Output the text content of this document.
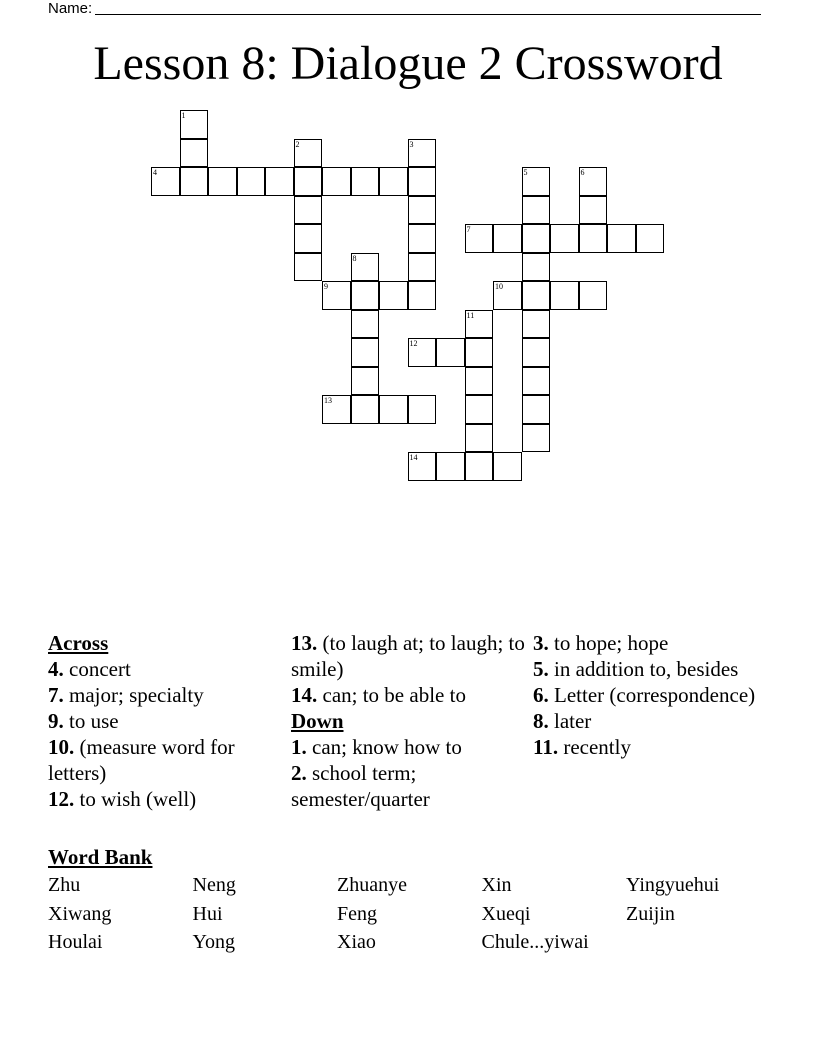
Name:
Lesson 8: Dialogue 2 Crossword
1
2	3
4	5	6
7
8
9	10
11
12
13
14

Across

4. concert

7. major; specialty

9. to use

10. (measure word for letters)

12. to wish (well)

13. (to laugh at; to laugh; to smile)

14. can; to be able to

Down

1. can; know how to

2. school term; semester/quarter

3. to hope; hope

5. in addition to, besides

6. Letter (correspondence)

8. later

11. recently

Word Bank
Zhu	Neng	Zhuanye	Xin	Yingyuehui
Xiwang	Hui	Feng	Xueqi	Zuijin
Houlai	Yong	Xiao	Chule...yiwai
